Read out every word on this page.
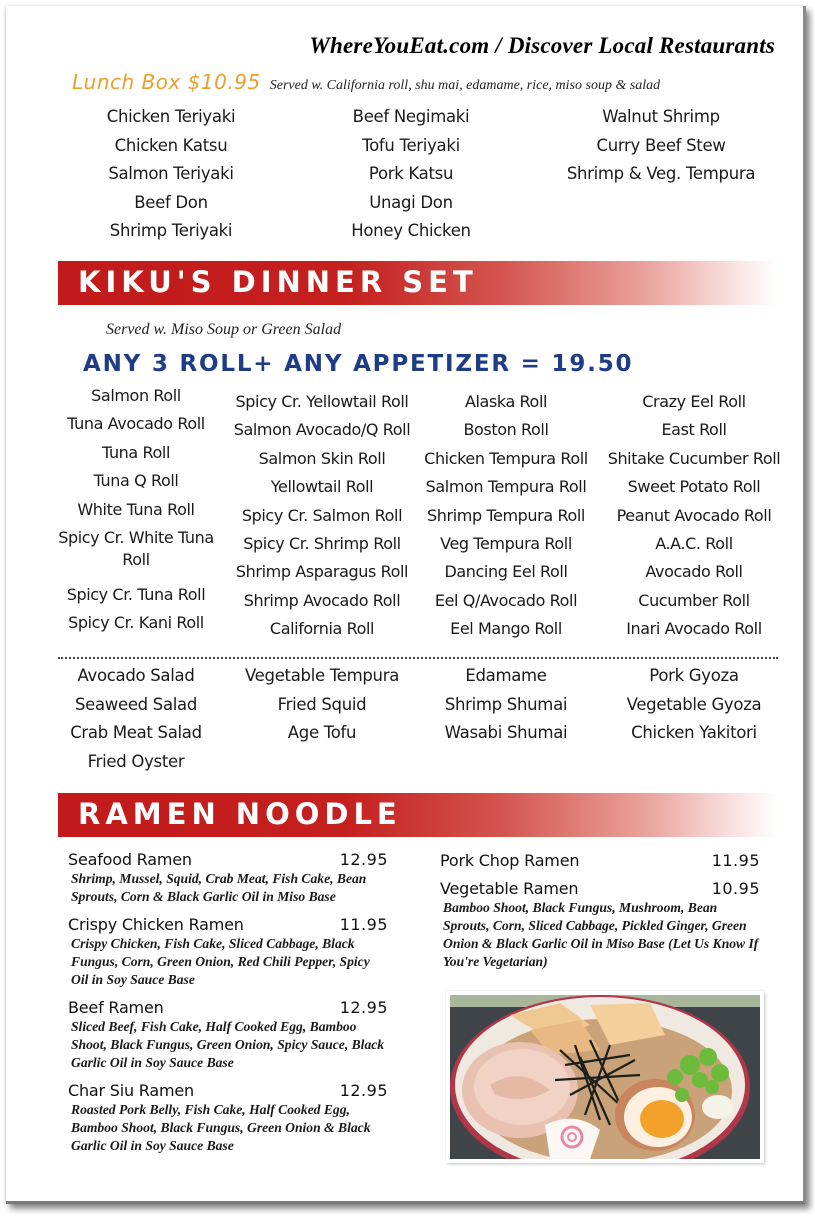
WhereYouEat.com / Discover Local Restaurants
Lunch Box $10.95 Served w. California roll, shu mai, edamame, rice, miso soup & salad
Chicken Teriyaki
Chicken Katsu
Salmon Teriyaki
Beef Don
Shrimp Teriyaki
Beef Negimaki
Tofu Teriyaki
Pork Katsu
Unagi Don
Honey Chicken
Walnut Shrimp
Curry Beef Stew
Shrimp & Veg. Tempura
KIKU'S DINNER SET
Served w. Miso Soup or Green Salad
ANY 3 ROLL+ ANY APPETIZER = 19.50
Salmon Roll
Tuna Avocado Roll
Tuna Roll
Tuna Q Roll
White Tuna Roll
Spicy Cr. White Tuna Roll
Spicy Cr. Tuna Roll
Spicy Cr. Kani Roll
Spicy Cr. Yellowtail Roll
Salmon Avocado/Q Roll
Salmon Skin Roll
Yellowtail Roll
Spicy Cr. Salmon Roll
Spicy Cr. Shrimp Roll
Shrimp Asparagus Roll
Shrimp Avocado Roll
California Roll
Alaska Roll
Boston Roll
Chicken Tempura Roll
Salmon Tempura Roll
Shrimp Tempura Roll
Veg Tempura Roll
Dancing Eel Roll
Eel Q/Avocado Roll
Eel Mango Roll
Crazy Eel Roll
East Roll
Shitake Cucumber Roll
Sweet Potato Roll
Peanut Avocado Roll
A.A.C. Roll
Avocado Roll
Cucumber Roll
Inari Avocado Roll
Avocado Salad
Seaweed Salad
Crab Meat Salad
Fried Oyster
Vegetable Tempura
Fried Squid
Age Tofu
Edamame
Shrimp Shumai
Wasabi Shumai
Pork Gyoza
Vegetable Gyoza
Chicken Yakitori
RAMEN NOODLE
Seafood Ramen	12.95
Shrimp, Mussel, Squid, Crab Meat, Fish Cake, Bean Sprouts, Corn & Black Garlic Oil in Miso Base
Crispy Chicken Ramen	11.95
Crispy Chicken, Fish Cake, Sliced Cabbage, Black Fungus, Corn, Green Onion, Red Chili Pepper, Spicy Oil in Soy Sauce Base
Beef Ramen	12.95
Sliced Beef, Fish Cake, Half Cooked Egg, Bamboo Shoot, Black Fungus, Green Onion, Spicy Sauce, Black Garlic Oil in Soy Sauce Base
Char Siu Ramen	12.95
Roasted Pork Belly, Fish Cake, Half Cooked Egg, Bamboo Shoot, Black Fungus, Green Onion & Black Garlic Oil in Soy Sauce Base
Pork Chop Ramen	11.95
Vegetable Ramen	10.95
Bamboo Shoot, Black Fungus, Mushroom, Bean Sprouts, Corn, Sliced Cabbage, Pickled Ginger, Green Onion & Black Garlic Oil in Miso Base (Let Us Know If You're Vegetarian)
